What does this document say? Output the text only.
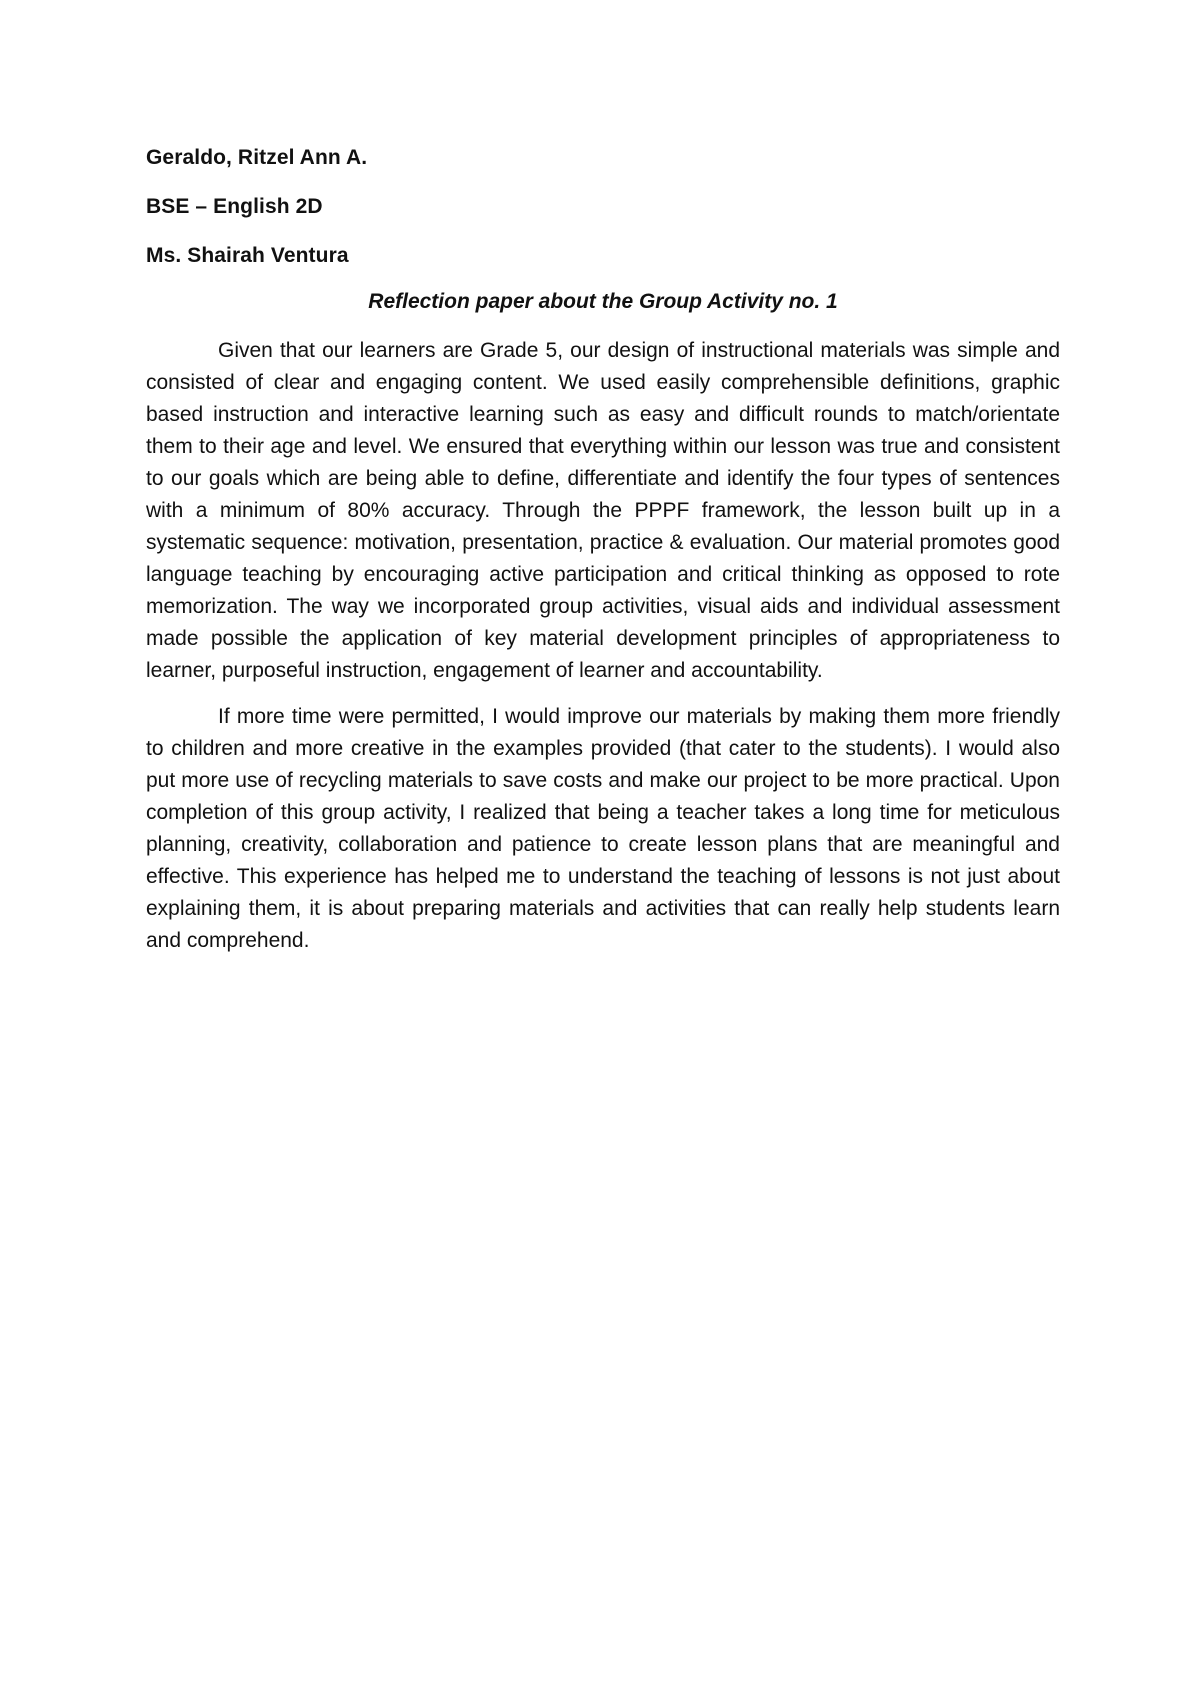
Geraldo, Ritzel Ann A.
BSE – English 2D
Ms. Shairah Ventura
Reflection paper about the Group Activity no. 1

Given that our learners are Grade 5, our design of instructional materials was simple and consisted of clear and engaging content. We used easily comprehensible definitions, graphic based instruction and interactive learning such as easy and difficult rounds to match/orientate them to their age and level. We ensured that everything within our lesson was true and consistent to our goals which are being able to define, differentiate and identify the four types of sentences with a minimum of 80% accuracy. Through the PPPF framework, the lesson built up in a systematic sequence: motivation, presentation, practice & evaluation. Our material promotes good language teaching by encouraging active participation and critical thinking as opposed to rote memorization. The way we incorporated group activities, visual aids and individual assessment made possible the application of key material development principles of appropriateness to learner, purposeful instruction, engagement of learner and accountability.

If more time were permitted, I would improve our materials by making them more friendly to children and more creative in the examples provided (that cater to the students). I would also put more use of recycling materials to save costs and make our project to be more practical. Upon completion of this group activity, I realized that being a teacher takes a long time for meticulous planning, creativity, collaboration and patience to create lesson plans that are meaningful and effective. This experience has helped me to understand the teaching of lessons is not just about explaining them, it is about preparing materials and activities that can really help students learn and comprehend.
